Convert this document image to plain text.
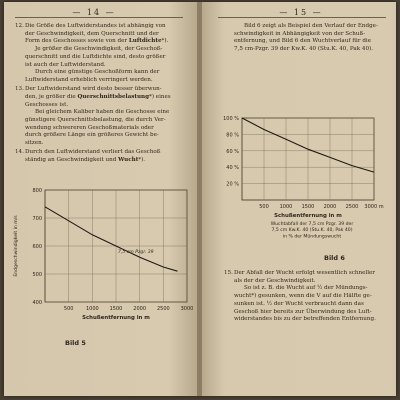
— 14 —

12.Die Größe des Luftwiderstandes ist abhängig von
der Geschwindigkeit, dem Querschnitt und der
Form des Geschosses sowie von der Luftdichte*).
Je größer die Geschwindigkeit, der Geschoß-
querschnitt und die Luftdichte sind, desto größer
ist auch der Luftwiderstand.
Durch eine günstige Geschoßform kann der
Luftwiderstand erheblich verringert werden.

13.Der Luftwiderstand wird desto besser überwun-
den, je größer die Querschnittsbelastung*) eines
Geschosses ist.
Bei gleichem Kaliber haben die Geschosse eine
günstigere Querschnittsbelastung, die durch Ver-
wendung schwereren Geschoßmaterials oder
durch größere Länge ein größeres Gewicht be-
sitzen.

14.Durch den Luftwiderstand verliert das Geschoß
ständig an Geschwindigkeit und Wucht*).

500	1000 1500 2000 2500 3000
800
700
600
500
400
7,5 cm Pzgr. 39
Schußentfernung in m
Endgeschwindigkeit in m/s
Bild 5
— 15 —

Bild 6 zeigt als Beispiel den Verlauf der Endge-
schwindigkeit in Abhängigkeit von der Schuß-
entfernung, und Bild 6 den Wuchtverlauf für die
7,5 cm-Pzgr. 39 der Kw.K. 40 (Stu.K. 40, Pak 40).

500 1000 1500 2000 2500 3000 m
100 %
80 %
60 %
40 %
20 %
Schußentfernung in m
Wuchtabfall der 7,5 cm Pzgr. 39 der
7,5 cm Kw.K. 40 (Stu.K. 40, Pak 40)
in % der Mündungswucht
Bild 6

15.Der Abfall der Wucht erfolgt wesentlich schneller
als der der Geschwindigkeit.
So ist z. B. die Wucht auf ½ der Mündungs-
wucht*) gesunken, wenn die V auf die Hälfte ge-
sunken ist. ½ der Wucht verbraucht dann das
Geschoß hier bereits zur Überwindung des Luft-
widerstandes bis zu der betreffenden Entfernung.
